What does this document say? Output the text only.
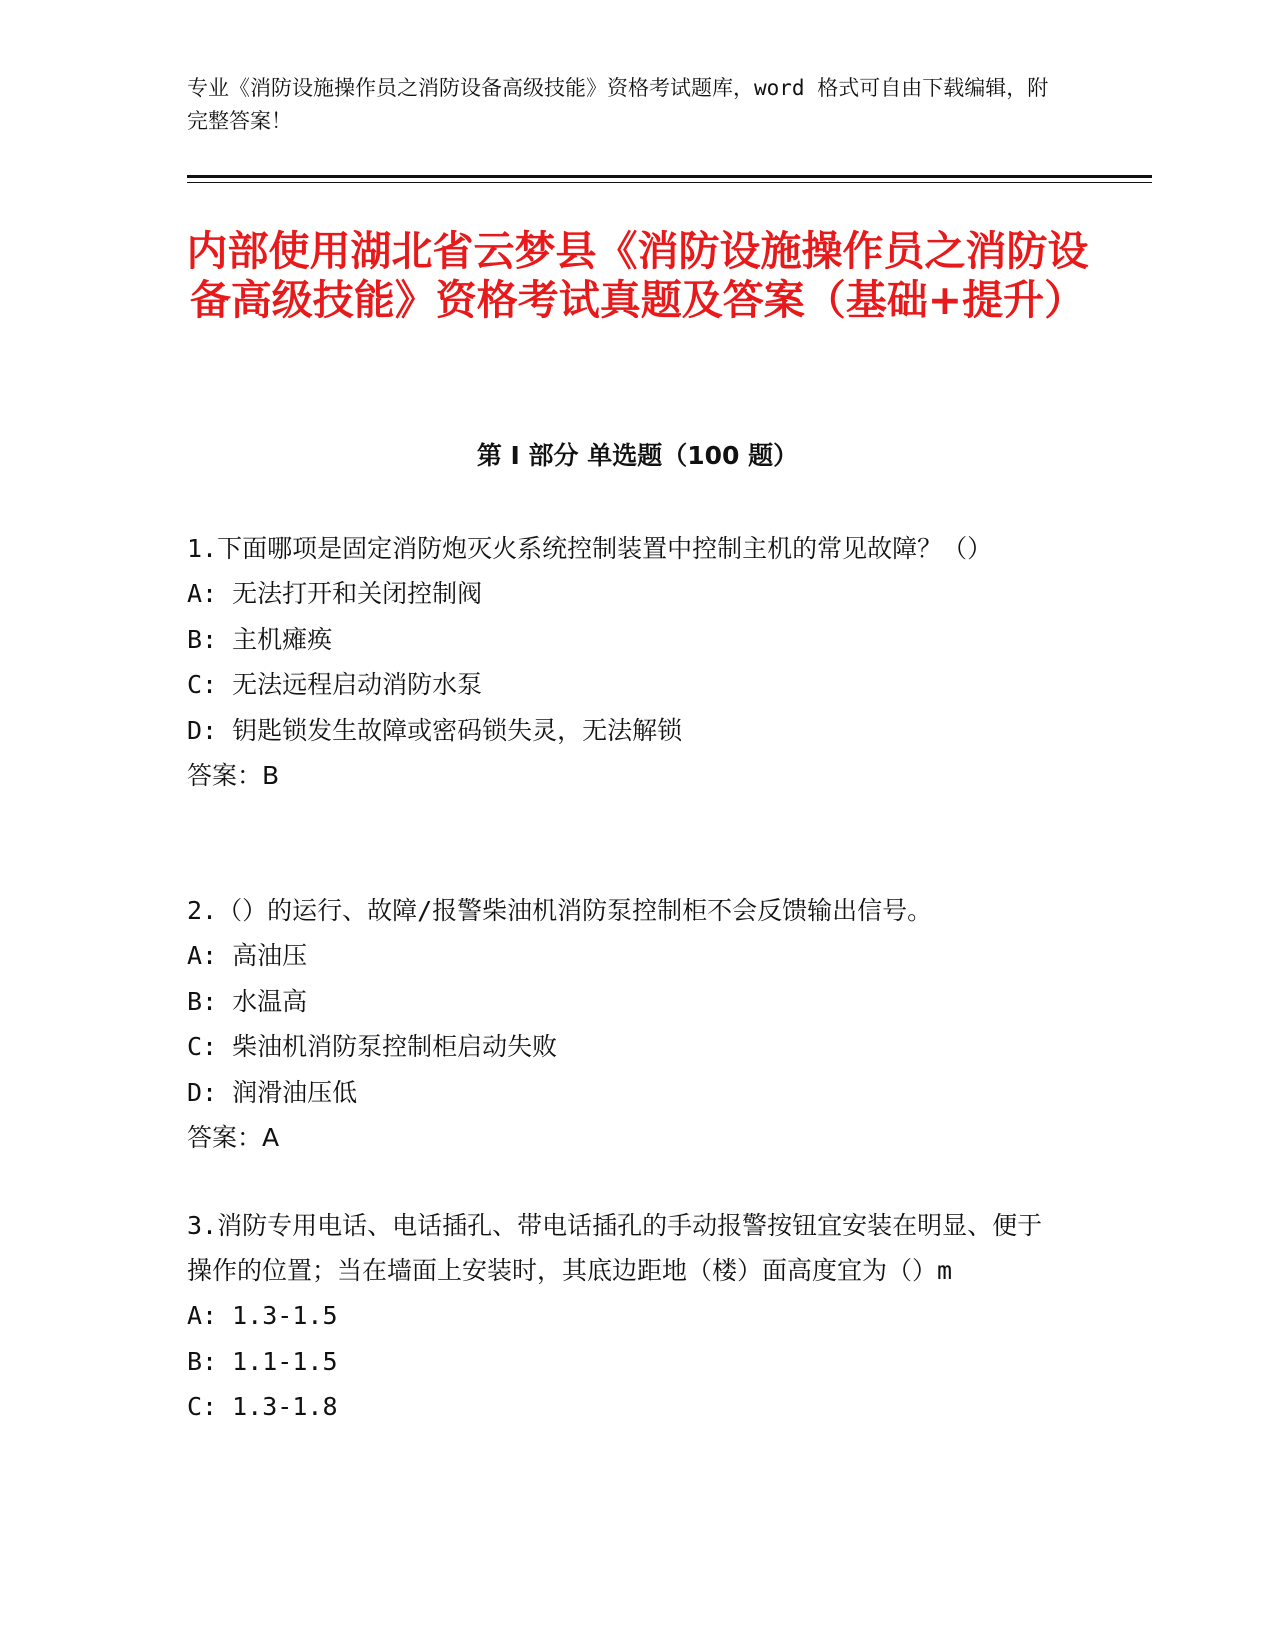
专业《消防设施操作员之消防设备高级技能》资格考试题库，word 格式可自由下载编辑，附完整答案！
内部使用湖北省云梦县《消防设施操作员之消防设备高级技能》资格考试真题及答案（基础+提升）
第 I 部分 单选题（100 题）
1.下面哪项是固定消防炮灭火系统控制装置中控制主机的常见故障？（）
A: 无法打开和关闭控制阀
B: 主机瘫痪
C: 无法远程启动消防水泵
D: 钥匙锁发生故障或密码锁失灵，无法解锁
答案：B
2.（）的运行、故障/报警柴油机消防泵控制柜不会反馈输出信号。
A: 高油压
B: 水温高
C: 柴油机消防泵控制柜启动失败
D: 润滑油压低
答案：A
3.消防专用电话、电话插孔、带电话插孔的手动报警按钮宜安装在明显、便于操作的位置；当在墙面上安装时，其底边距地（楼）面高度宜为（）m
A: 1.3-1.5
B: 1.1-1.5
C: 1.3-1.8
